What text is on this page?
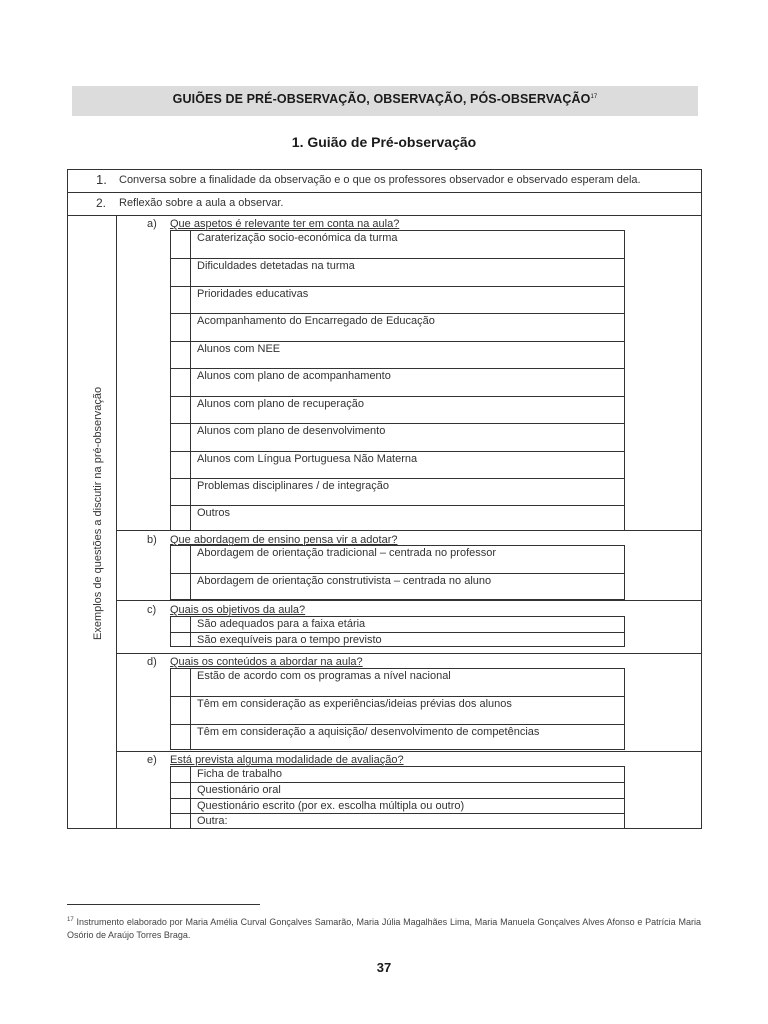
GUIÕES DE PRÉ-OBSERVAÇÃO, OBSERVAÇÃO, PÓS-OBSERVAÇÃO$^{17}$
1. Guião de Pré-observação
1. Conversa sobre a finalidade da observação e o que os professores observador e observado esperam dela.
2. Reflexão sobre a aula a observar.
Exemplos de questões a discutir na pré-observação
a) Que aspetos é relevante ter em conta na aula?
Caraterização socio-económica da turma
Dificuldades detetadas na turma
Prioridades educativas
Acompanhamento do Encarregado de Educação
Alunos com NEE
Alunos com plano de acompanhamento
Alunos com plano de recuperação
Alunos com plano de desenvolvimento
Alunos com Língua Portuguesa Não Materna
Problemas disciplinares / de integração
Outros
b) Que abordagem de ensino pensa vir a adotar?
Abordagem de orientação tradicional – centrada no professor
Abordagem de orientação construtivista – centrada no aluno
c) Quais os objetivos da aula?
São adequados para a faixa etária
São exequíveis para o tempo previsto
d) Quais os conteúdos a abordar na aula?
Estão de acordo com os programas a nível nacional
Têm em consideração as experiências/ideias prévias dos alunos
Têm em consideração a aquisição/ desenvolvimento de competências
e) Está prevista alguma modalidade de avaliação?
Ficha de trabalho
Questionário oral
Questionário escrito (por ex. escolha múltipla ou outro)
Outra:
$^{17}$ Instrumento elaborado por Maria Amélia Curval Gonçalves Samarão, Maria Júlia Magalhães Lima, Maria Manuela Gonçalves Alves Afonso e Patrícia Maria Osório de Araújo Torres Braga.
37
